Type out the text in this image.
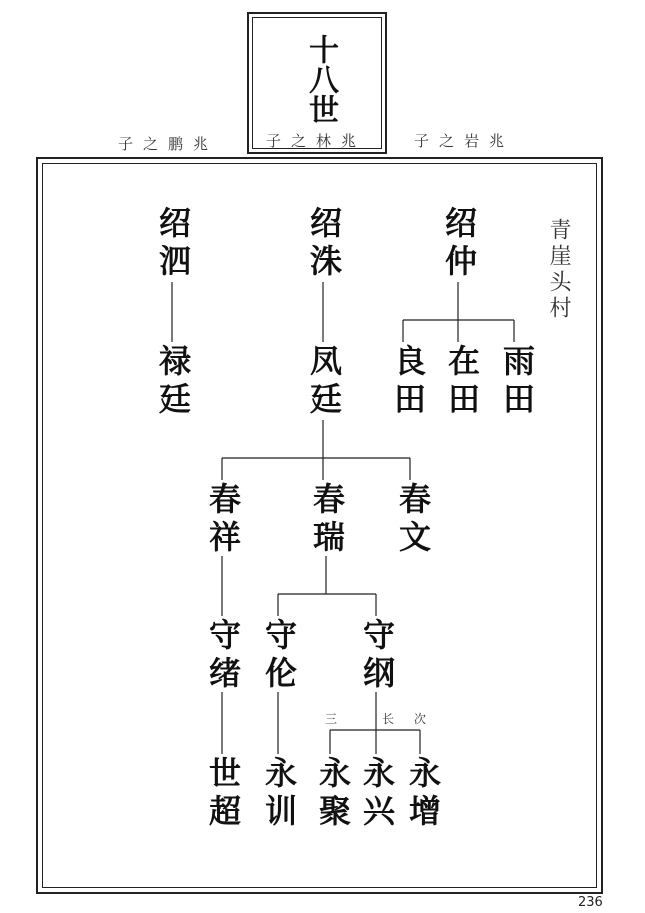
十八世
子之鹏兆	子之林兆	子之岩兆
青崖头村
绍泗	绍洙	绍仲
禄廷	凤廷 良田 在田 雨田
春祥 春瑞 春文
守绪 守伦 守纲
三	长 次
世超 永训 永聚 永兴 永增
236
